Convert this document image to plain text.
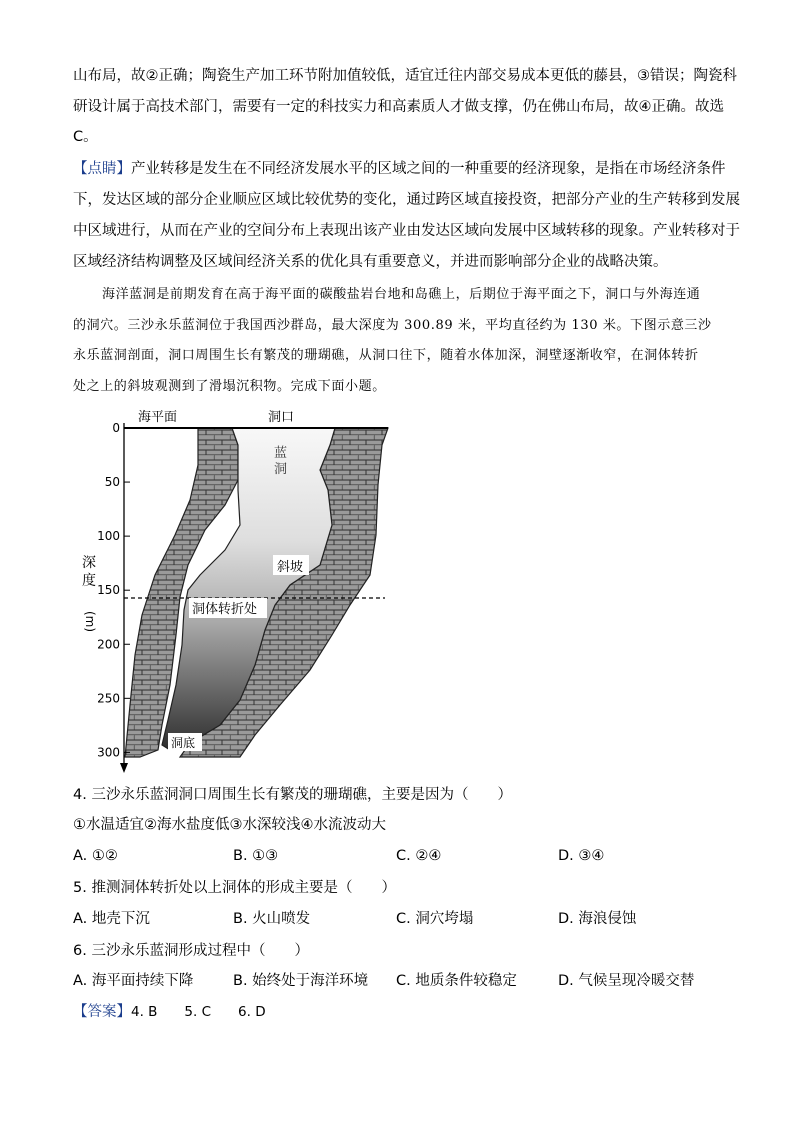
山布局，故②正确；陶瓷生产加工环节附加值较低，适宜迁往内部交易成本更低的藤县，③错误；陶瓷科
研设计属于高技术部门，需要有一定的科技实力和高素质人才做支撑，仍在佛山布局，故④正确。故选
C。
【点睛】产业转移是发生在不同经济发展水平的区域之间的一种重要的经济现象，是指在市场经济条件
下，发达区域的部分企业顺应区域比较优势的变化，通过跨区域直接投资，把部分产业的生产转移到发展
中区域进行，从而在产业的空间分布上表现出该产业由发达区域向发展中区域转移的现象。产业转移对于
区域经济结构调整及区域间经济关系的优化具有重要意义，并进而影响部分企业的战略决策。
海洋蓝洞是前期发育在高于海平面的碳酸盐岩台地和岛礁上，后期位于海平面之下，洞口与外海连通
的洞穴。三沙永乐蓝洞位于我国西沙群岛，最大深度为 300.89 米，平均直径约为 130 米。下图示意三沙
永乐蓝洞剖面，洞口周围生长有繁茂的珊瑚礁，从洞口往下，随着水体加深，洞壁逐渐收窄，在洞体转折
处之上的斜坡观测到了滑塌沉积物。完成下面小题。
0
50
100
150
200
250
300
深
度
(m)
海平面	洞口
蓝
洞
斜坡
洞体转折处
洞底
4. 三沙永乐蓝洞洞口周围生长有繁茂的珊瑚礁，主要是因为（　　）
①水温适宜②海水盐度低③水深较浅④水流波动大
A. ①②	B. ①③	C. ②④	D. ③④
5. 推测洞体转折处以上洞体的形成主要是（　　）
A. 地壳下沉	B. 火山喷发	C. 洞穴垮塌	D. 海浪侵蚀
6. 三沙永乐蓝洞形成过程中（　　）
A. 海平面持续下降	B. 始终处于海洋环境 C. 地质条件较稳定	D. 气候呈现冷暖交替
【答案】4. B　　5. C　　6. D
